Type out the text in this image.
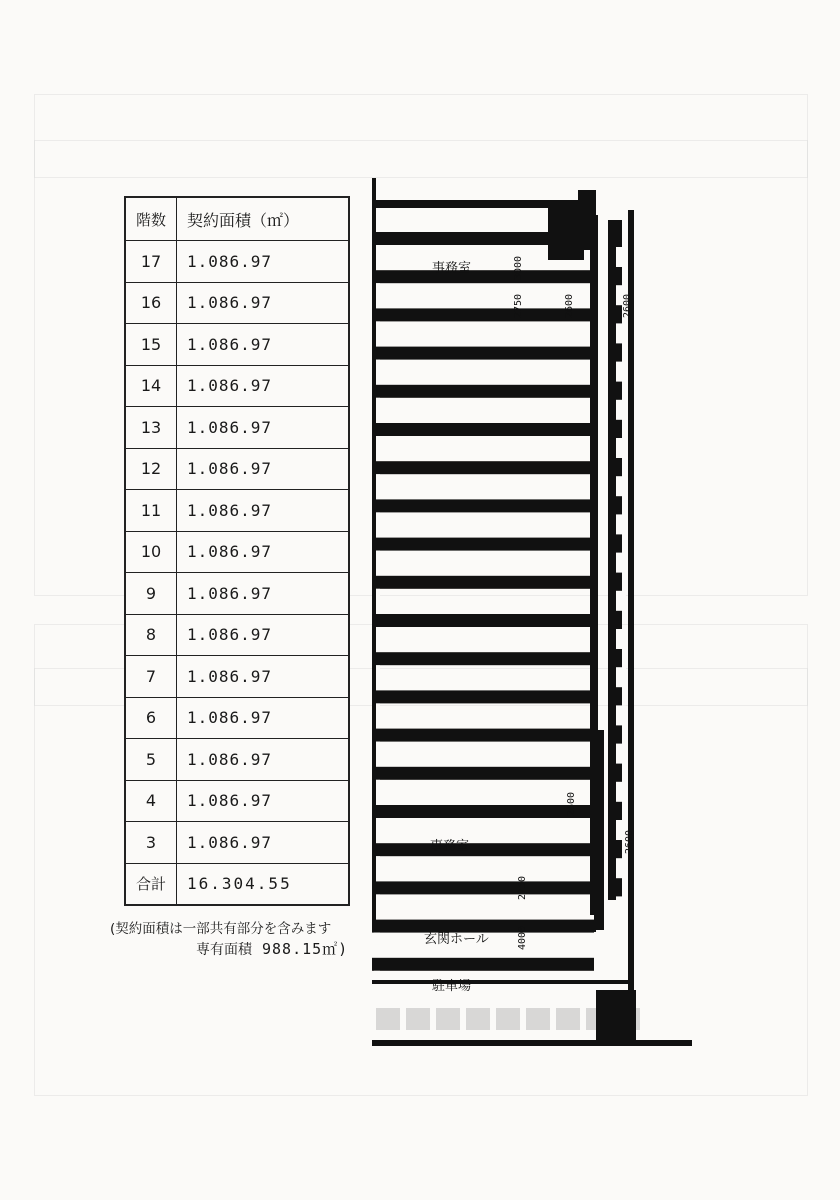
階数	契約面積（㎡）
17	1.086.97
16	1.086.97
15	1.086.97
14	1.086.97
13	1.086.97
12	1.086.97
11	1.086.97
10	1.086.97
9	1.086.97
8	1.086.97
7	1.086.97
6	1.086.97
5	1.086.97
4	1.086.97
3	1.086.97
合計	16.304.55
(契約面積は一部共有部分を含みます
専有面積 988.15㎡)
事務室
事務室
玄関ホール
駐車場
3000
2750	2600	2600
2600
2600
2750
4000
